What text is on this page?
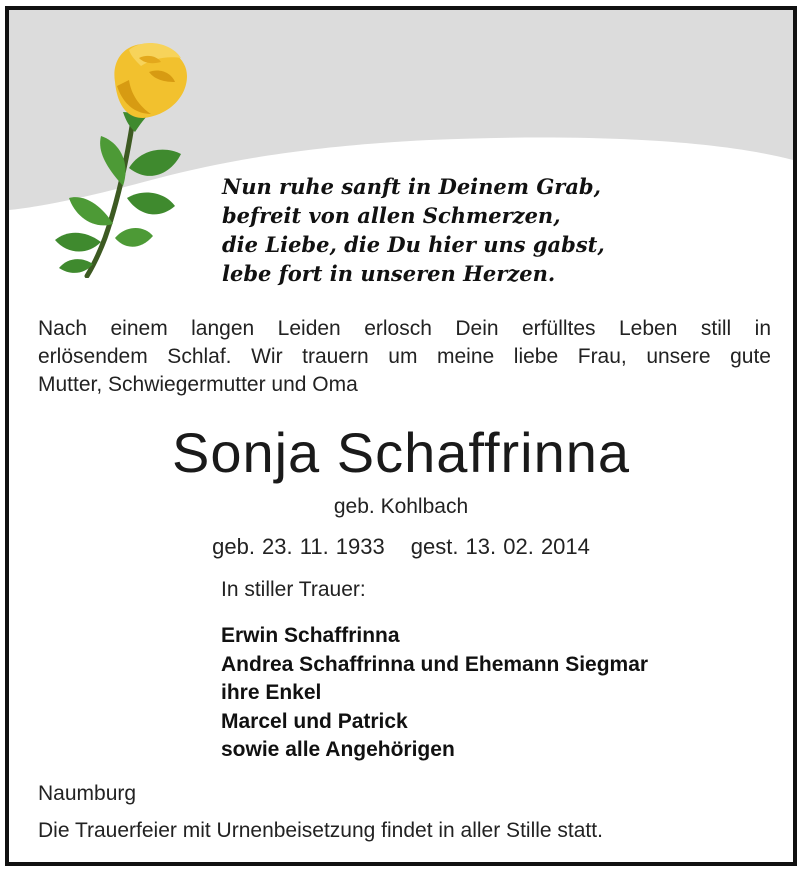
Nun ruhe sanft in Deinem Grab,
befreit von allen Schmerzen,
die Liebe, die Du hier uns gabst,
lebe fort in unseren Herzen.
Nach einem langen Leiden erlosch Dein erfülltes Leben still in
erlösendem Schlaf. Wir trauern um meine liebe Frau, unsere gute
Mutter, Schwiegermutter und Oma
Sonja Schaffrinna
geb. Kohlbach
geb. 23. 11. 1933 gest. 13. 02. 2014
In stiller Trauer:
Erwin Schaffrinna
Andrea Schaffrinna und Ehemann Siegmar
ihre Enkel
Marcel und Patrick
sowie alle Angehörigen
Naumburg
Die Trauerfeier mit Urnenbeisetzung findet in aller Stille statt.
